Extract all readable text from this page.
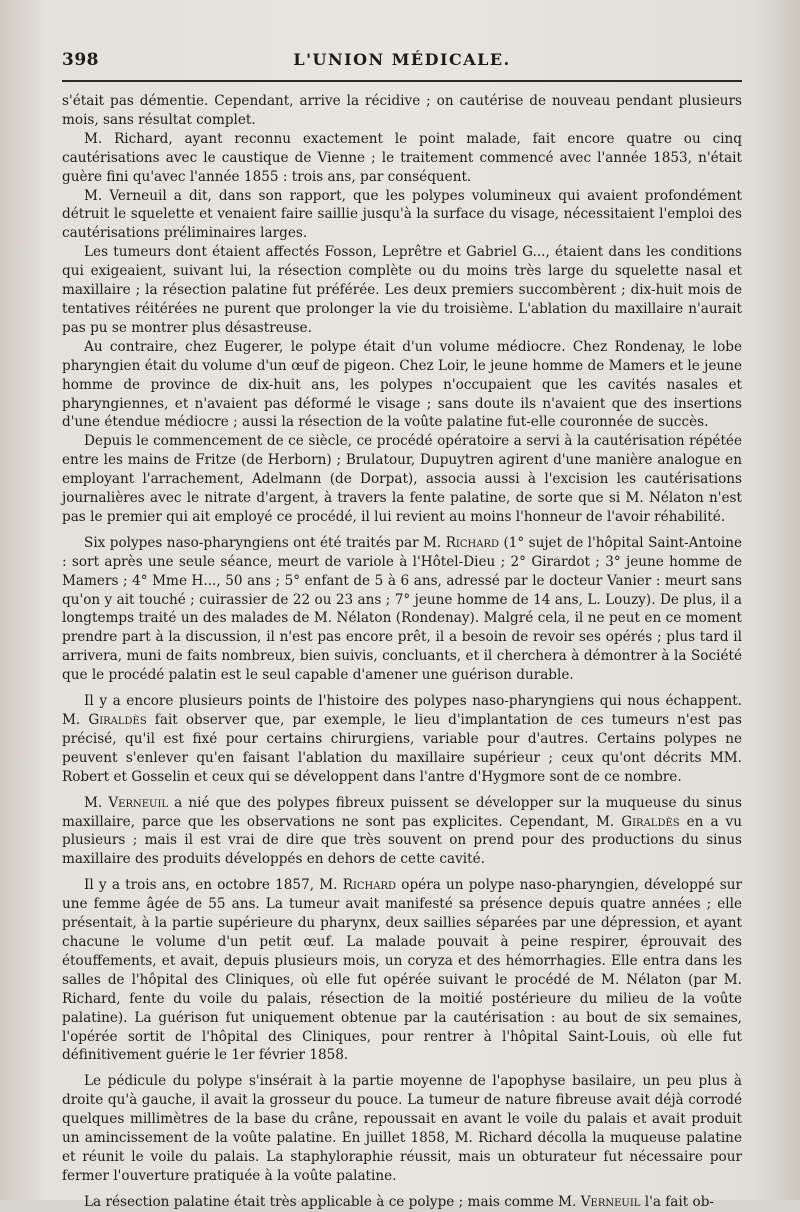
398	L'UNION MÉDICALE.

s'était pas démentie. Cependant, arrive la récidive ; on cautérise de nouveau pendant plusieurs mois, sans résultat complet.

M. Richard, ayant reconnu exactement le point malade, fait encore quatre ou cinq cautérisations avec le caustique de Vienne ; le traitement commencé avec l'année 1853, n'était guère fini qu'avec l'année 1855 : trois ans, par conséquent.

M. Verneuil a dit, dans son rapport, que les polypes volumineux qui avaient profondément détruit le squelette et venaient faire saillie jusqu'à la surface du visage, nécessitaient l'emploi des cautérisations préliminaires larges.

Les tumeurs dont étaient affectés Fosson, Leprêtre et Gabriel G..., étaient dans les conditions qui exigeaient, suivant lui, la résection complète ou du moins très large du squelette nasal et maxillaire ; la résection palatine fut préférée. Les deux premiers succombèrent ; dix-huit mois de tentatives réitérées ne purent que prolonger la vie du troisième. L'ablation du maxillaire n'aurait pas pu se montrer plus désastreuse.

Au contraire, chez Eugerer, le polype était d'un volume médiocre. Chez Rondenay, le lobe pharyngien était du volume d'un œuf de pigeon. Chez Loir, le jeune homme de Mamers et le jeune homme de province de dix-huit ans, les polypes n'occupaient que les cavités nasales et pharyngiennes, et n'avaient pas déformé le visage ; sans doute ils n'avaient que des insertions d'une étendue médiocre ; aussi la résection de la voûte palatine fut-elle couronnée de succès.

Depuis le commencement de ce siècle, ce procédé opératoire a servi à la cautérisation répétée entre les mains de Fritze (de Herborn) ; Brulatour, Dupuytren agirent d'une manière analogue en employant l'arrachement, Adelmann (de Dorpat), associa aussi à l'excision les cautérisations journalières avec le nitrate d'argent, à travers la fente palatine, de sorte que si M. Nélaton n'est pas le premier qui ait employé ce procédé, il lui revient au moins l'honneur de l'avoir réhabilité.

Six polypes naso-pharyngiens ont été traités par M. Richard (1° sujet de l'hôpital Saint-Antoine : sort après une seule séance, meurt de variole à l'Hôtel-Dieu ; 2° Girardot ; 3° jeune homme de Mamers ; 4° Mme H..., 50 ans ; 5° enfant de 5 à 6 ans, adressé par le docteur Vanier : meurt sans qu'on y ait touché ; cuirassier de 22 ou 23 ans ; 7° jeune homme de 14 ans, L. Louzy). De plus, il a longtemps traité un des malades de M. Nélaton (Rondenay). Malgré cela, il ne peut en ce moment prendre part à la discussion, il n'est pas encore prêt, il a besoin de revoir ses opérés ; plus tard il arrivera, muni de faits nombreux, bien suivis, concluants, et il cherchera à démontrer à la Société que le procédé palatin est le seul capable d'amener une guérison durable.

Il y a encore plusieurs points de l'histoire des polypes naso-pharyngiens qui nous échappent. M. Giraldès fait observer que, par exemple, le lieu d'implantation de ces tumeurs n'est pas précisé, qu'il est fixé pour certains chirurgiens, variable pour d'autres. Certains polypes ne peuvent s'enlever qu'en faisant l'ablation du maxillaire supérieur ; ceux qu'ont décrits MM. Robert et Gosselin et ceux qui se développent dans l'antre d'Hygmore sont de ce nombre.

M. Verneuil a nié que des polypes fibreux puissent se développer sur la muqueuse du sinus maxillaire, parce que les observations ne sont pas explicites. Cependant, M. Giraldès en a vu plusieurs ; mais il est vrai de dire que très souvent on prend pour des productions du sinus maxillaire des produits développés en dehors de cette cavité.

Il y a trois ans, en octobre 1857, M. Richard opéra un polype naso-pharyngien, développé sur une femme âgée de 55 ans. La tumeur avait manifesté sa présence depuis quatre années ; elle présentait, à la partie supérieure du pharynx, deux saillies séparées par une dépression, et ayant chacune le volume d'un petit œuf. La malade pouvait à peine respirer, éprouvait des étouffements, et avait, depuis plusieurs mois, un coryza et des hémorrhagies. Elle entra dans les salles de l'hôpital des Cliniques, où elle fut opérée suivant le procédé de M. Nélaton (par M. Richard, fente du voile du palais, résection de la moitié postérieure du milieu de la voûte palatine). La guérison fut uniquement obtenue par la cautérisation : au bout de six semaines, l'opérée sortit de l'hôpital des Cliniques, pour rentrer à l'hôpital Saint-Louis, où elle fut définitivement guérie le 1er février 1858.

Le pédicule du polype s'insérait à la partie moyenne de l'apophyse basilaire, un peu plus à droite qu'à gauche, il avait la grosseur du pouce. La tumeur de nature fibreuse avait déjà corrodé quelques millimètres de la base du crâne, repoussait en avant le voile du palais et avait produit un amincissement de la voûte palatine. En juillet 1858, M. Richard décolla la muqueuse palatine et réunit le voile du palais. La staphyloraphie réussit, mais un obturateur fut nécessaire pour fermer l'ouverture pratiquée à la voûte palatine.

La résection palatine était très applicable à ce polype ; mais comme M. Verneuil l'a fait ob-
